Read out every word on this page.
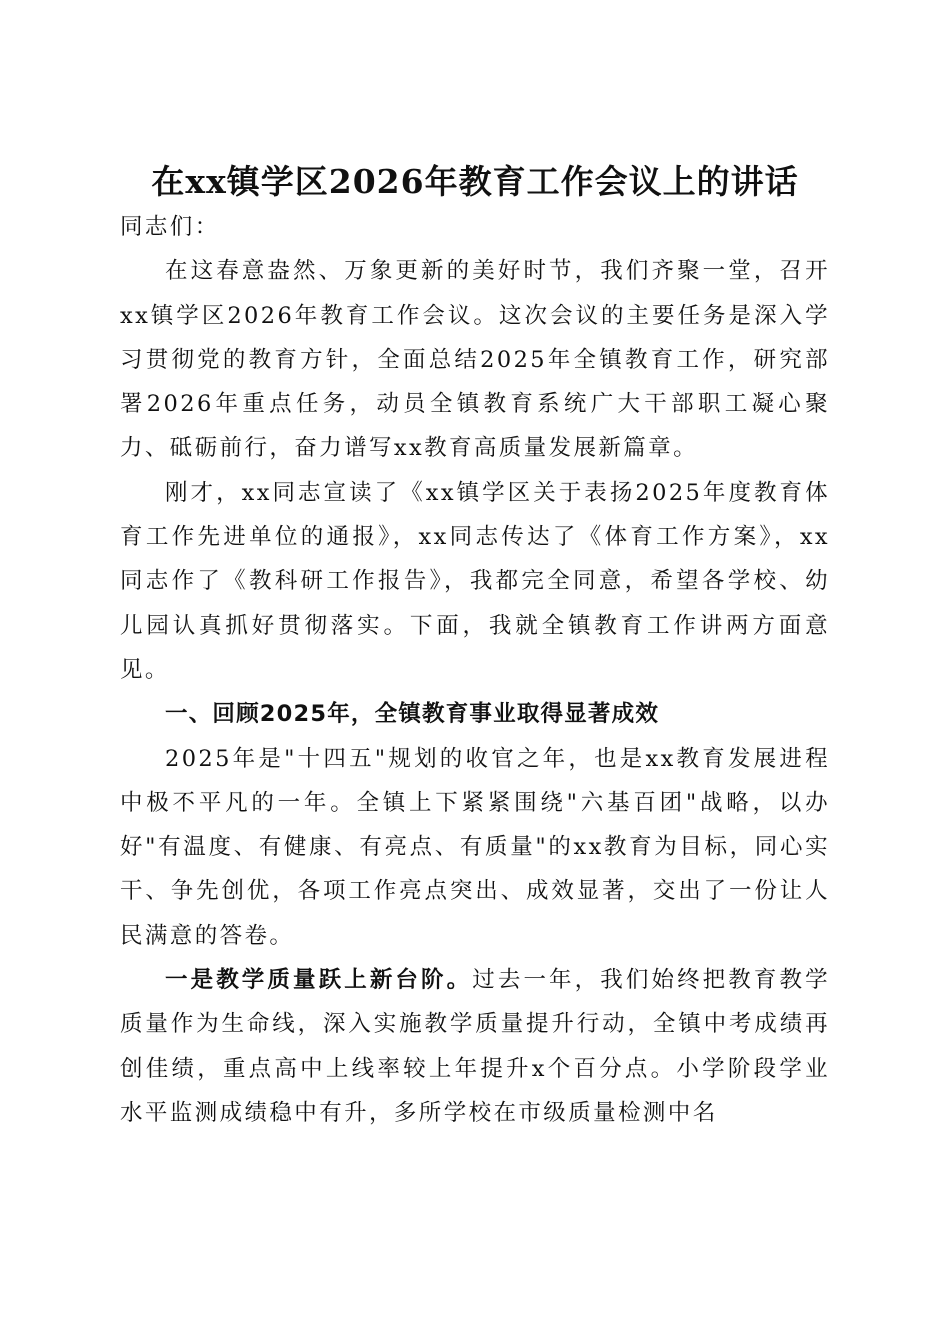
在xx镇学区2026年教育工作会议上的讲话

同志们：

在这春意盎然、万象更新的美好时节，我们齐聚一堂，召开xx镇学区2026年教育工作会议。这次会议的主要任务是深入学习贯彻党的教育方针，全面总结2025年全镇教育工作，研究部署2026年重点任务，动员全镇教育系统广大干部职工凝心聚力、砥砺前行，奋力谱写xx教育高质量发展新篇章。

刚才，xx同志宣读了《xx镇学区关于表扬2025年度教育体育工作先进单位的通报》，xx同志传达了《体育工作方案》，xx同志作了《教科研工作报告》，我都完全同意，希望各学校、幼儿园认真抓好贯彻落实。下面，我就全镇教育工作讲两方面意见。

一、回顾2025年，全镇教育事业取得显著成效

2025年是"十四五"规划的收官之年，也是xx教育发展进程中极不平凡的一年。全镇上下紧紧围绕"六基百团"战略，以办好"有温度、有健康、有亮点、有质量"的xx教育为目标，同心实干、争先创优，各项工作亮点突出、成效显著，交出了一份让人民满意的答卷。

一是教学质量跃上新台阶。过去一年，我们始终把教育教学质量作为生命线，深入实施教学质量提升行动，全镇中考成绩再创佳绩，重点高中上线率较上年提升x个百分点。小学阶段学业水平监测成绩稳中有升，多所学校在市级质量检测中名
